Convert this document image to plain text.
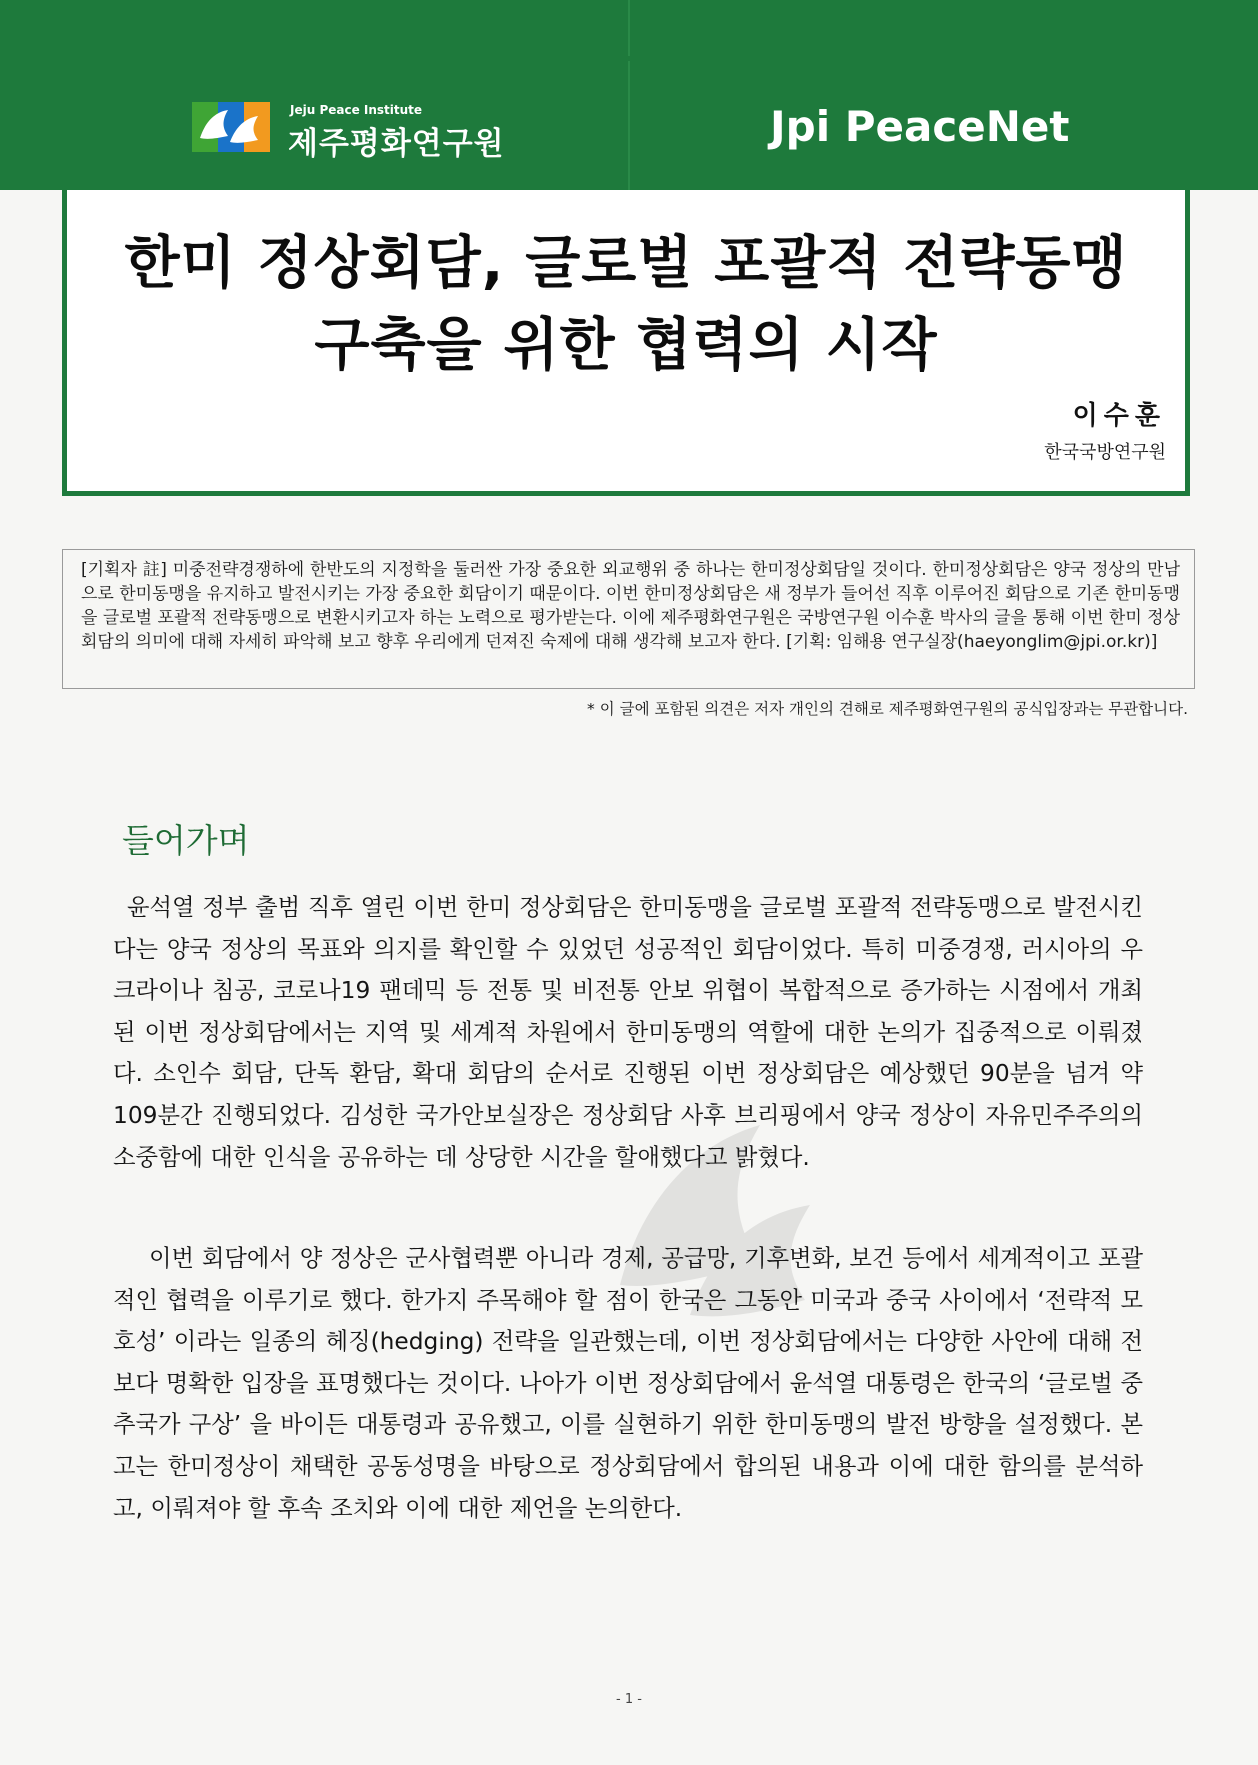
Jeju Peace Institute
제주평화연구원	Jpi PeaceNet
한미 정상회담, 글로벌 포괄적 전략동맹
구축을 위한 협력의 시작
이수훈
한국국방연구원
[기획자 註] 미중전략경쟁하에 한반도의 지정학을 둘러싼 가장 중요한 외교행위 중 하나는 한미정상회담일 것이다. 한미정상회담은 양국 정상의 만남으로 한미동맹을 유지하고 발전시키는 가장 중요한 회담이기 때문이다. 이번 한미정상회담은 새 정부가 들어선 직후 이루어진 회담으로 기존 한미동맹을 글로벌 포괄적 전략동맹으로 변환시키고자 하는 노력으로 평가받는다. 이에 제주평화연구원은 국방연구원 이수훈 박사의 글을 통해 이번 한미 정상회담의 의미에 대해 자세히 파악해 보고 향후 우리에게 던져진 숙제에 대해 생각해 보고자 한다. [기획: 임해용 연구실장(haeyonglim@jpi.or.kr)]
* 이 글에 포함된 의견은 저자 개인의 견해로 제주평화연구원의 공식입장과는 무관합니다.
들어가며
윤석열 정부 출범 직후 열린 이번 한미 정상회담은 한미동맹을 글로벌 포괄적 전략동맹으로 발전시킨다는 양국 정상의 목표와 의지를 확인할 수 있었던 성공적인 회담이었다. 특히 미중경쟁, 러시아의 우크라이나 침공, 코로나19 팬데믹 등 전통 및 비전통 안보 위협이 복합적으로 증가하는 시점에서 개최된 이번 정상회담에서는 지역 및 세계적 차원에서 한미동맹의 역할에 대한 논의가 집중적으로 이뤄졌다. 소인수 회담, 단독 환담, 확대 회담의 순서로 진행된 이번 정상회담은 예상했던 90분을 넘겨 약 109분간 진행되었다. 김성한 국가안보실장은 정상회담 사후 브리핑에서 양국 정상이 자유민주주의의 소중함에 대한 인식을 공유하는 데 상당한 시간을 할애했다고 밝혔다.
이번 회담에서 양 정상은 군사협력뿐 아니라 경제, 공급망, 기후변화, 보건 등에서 세계적이고 포괄적인 협력을 이루기로 했다. 한가지 주목해야 할 점이 한국은 그동안 미국과 중국 사이에서 ‘전략적 모호성’ 이라는 일종의 헤징(hedging) 전략을 일관했는데, 이번 정상회담에서는 다양한 사안에 대해 전보다 명확한 입장을 표명했다는 것이다. 나아가 이번 정상회담에서 윤석열 대통령은 한국의 ‘글로벌 중추국가 구상’ 을 바이든 대통령과 공유했고, 이를 실현하기 위한 한미동맹의 발전 방향을 설정했다. 본고는 한미정상이 채택한 공동성명을 바탕으로 정상회담에서 합의된 내용과 이에 대한 함의를 분석하고, 이뤄져야 할 후속 조치와 이에 대한 제언을 논의한다.
- 1 -
